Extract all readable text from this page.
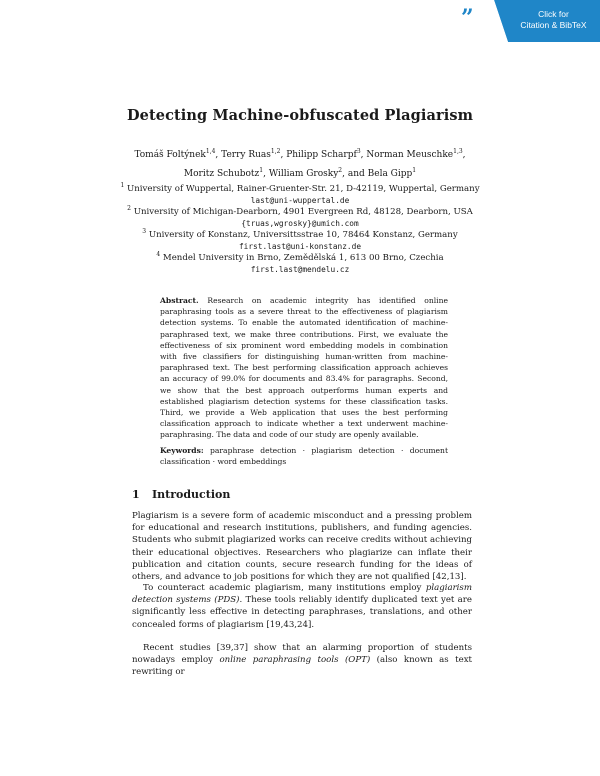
”	Click for
Citation & BibTeX
Detecting Machine-obfuscated Plagiarism
Tomáš Foltýnek$^{1,4}$, Terry Ruas$^{1,2}$, Philipp Scharpf$^3$, Norman Meuschke$^{1,3}$,
Moritz Schubotz$^1$, William Grosky$^2$, and Bela Gipp$^1$
$^1$ University of Wuppertal, Rainer-Gruenter-Str. 21, D-42119, Wuppertal, Germany
last@uni-wuppertal.de
$^2$ University of Michigan-Dearborn, 4901 Evergreen Rd, 48128, Dearborn, USA
{truas,wgrosky}@umich.com
$^3$ University of Konstanz, Universittsstrae 10, 78464 Konstanz, Germany
first.last@uni-konstanz.de
$^4$ Mendel University in Brno, Zemědělská 1, 613 00 Brno, Czechia
first.last@mendelu.cz
Abstract. Research on academic integrity has identified online paraphrasing tools as a severe threat to the effectiveness of plagiarism detection systems. To enable the automated identification of machine-paraphrased text, we make three contributions. First, we evaluate the effectiveness of six prominent word embedding models in combination with five classifiers for distinguishing human-written from machine-paraphrased text. The best performing classification approach achieves an accuracy of 99.0% for documents and 83.4% for paragraphs. Second, we show that the best approach outperforms human experts and established plagiarism detection systems for these classification tasks. Third, we provide a Web application that uses the best performing classification approach to indicate whether a text underwent machine-paraphrasing. The data and code of our study are openly available.
Keywords: paraphrase detection · plagiarism detection · document classification · word embeddings
1 Introduction

Plagiarism is a severe form of academic misconduct and a pressing problem for educational and research institutions, publishers, and funding agencies. Students who submit plagiarized works can receive credits without achieving their educational objectives. Researchers who plagiarize can inflate their publication and citation counts, secure research funding for the ideas of others, and advance to job positions for which they are not qualified [42,13].

To counteract academic plagiarism, many institutions employ plagiarism detection systems (PDS). These tools reliably identify duplicated text yet are significantly less effective in detecting paraphrases, translations, and other concealed forms of plagiarism [19,43,24].

Recent studies [39,37] show that an alarming proportion of students nowadays employ online paraphrasing tools (OPT) (also known as text rewriting or
